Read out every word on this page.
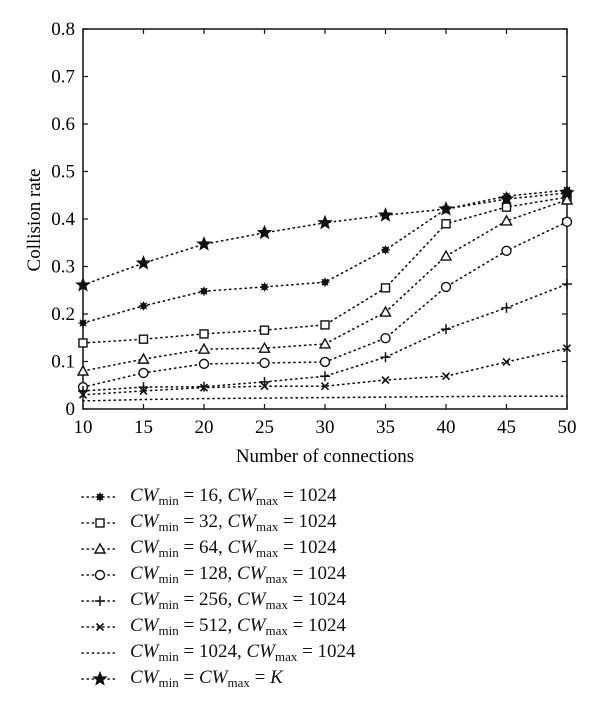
10 15 20 25 30 35 40 45 50
0
0.1
0.2
0.3
0.4
0.5
0.6
0.7
0.8
Collision rate
Number of connections
$CW_{min} = 16$, $CW_{max} = 1024$
$CW_{min} = 32$, $CW_{max} = 1024$
$CW_{min} = 64$, $CW_{max} = 1024$
$CW_{min} = 128$, $CW_{max} = 1024$
$CW_{min} = 256$, $CW_{max} = 1024$
$CW_{min} = 512$, $CW_{max} = 1024$
$CW_{min} = 1024$, $CW_{max} = 1024$
$CW_{min} = CW_{max} = K$
